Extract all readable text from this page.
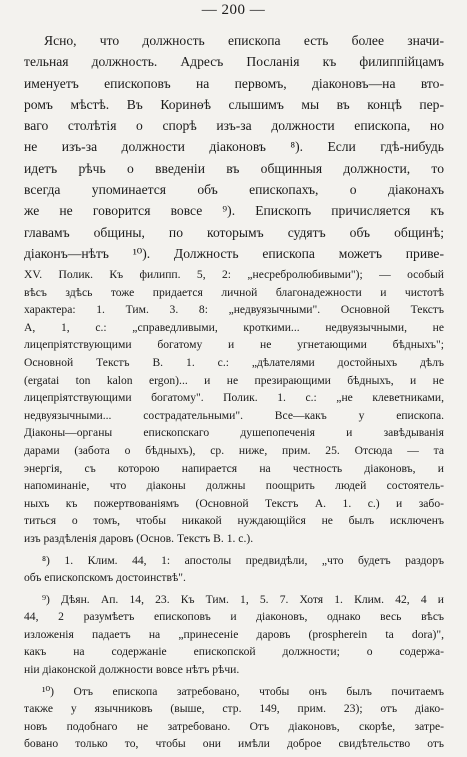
— 200 —
Ясно, что должность епископа есть более значи-
тельная должность. Адресъ Посланія къ филиппійцамъ
именуетъ епископовъ на первомъ, діаконовъ—на вто-
ромъ мѣстѣ. Въ Коринѳѣ слышимъ мы въ концѣ пер-
ваго столѣтія о спорѣ изъ-за должности епископа, но
не изъ-за должности діаконовъ ⁸). Если гдѣ-нибудь
идетъ рѣчь о введеніи въ общинныя должности, то
всегда упоминается объ епископахъ, о діаконахъ
же не говорится вовсе ⁹). Епископъ причисляется къ
главамъ общины, по которымъ судятъ объ общинѣ;
діаконъ—нѣтъ ¹⁰). Должность епископа можетъ приве-
XV. Полик. Къ филипп. 5, 2: „несребролюбивыми"); — особый
вѣсъ здѣсь тоже придается личной благонадежности и чистотѣ
характера: 1. Тим. 3. 8: „недвуязычными". Основной Текстъ
А, 1, с.: „справедливыми, кроткими... недвуязычными, не
лицепріятствующими богатому и не угнетающими бѣдныхъ";
Основной Текстъ В. 1. с.: „дѣлателями достойныхъ дѣлъ
(ergatai ton kalon ergon)... и не презирающими бѣдныхъ, и не
лицепріятствующими богатому". Полик. 1. с.: „не клеветниками,
недвуязычными... сострадательными". Все—какъ у епископа.
Діаконы—органы епископскаго душепопеченія и завѣдыванія
дарами (забота о бѣдныхъ), ср. ниже, прим. 25. Отсюда — та
энергія, съ которою напирается на честность діаконовъ, и
напоминаніе, что діаконы должны поощрить людей состоятель-
ныхъ къ пожертвованіямъ (Основной Текстъ А. 1. с.) и забо-
титься о томъ, чтобы никакой нуждающійся не былъ исключенъ
изъ раздѣленія даровъ (Основ. Текстъ В. 1. с.).
⁸) 1. Клим. 44, 1: апостолы предвидѣли, „что будетъ раздоръ
объ епископскомъ достоинствѣ".
⁹) Дѣян. Ап. 14, 23. Къ Тим. 1, 5. 7. Хотя 1. Клим. 42, 4 и
44, 2 разумѣетъ епископовъ и діаконовъ, однако весь вѣсъ
изложенія падаетъ на „принесеніе даровъ (prospherein ta dora)",
какъ на содержаніе епископской должности; о содержа-
ніи діаконской должности вовсе нѣтъ рѣчи.
¹⁰) Отъ епископа затребовано, чтобы онъ былъ почитаемъ
также у язычниковъ (выше, стр. 149, прим. 23); отъ діако-
новъ подобнаго не затребовано. Отъ діаконовъ, скорѣе, затре-
бовано только то, чтобы они имѣли доброе свидѣтельство отъ
